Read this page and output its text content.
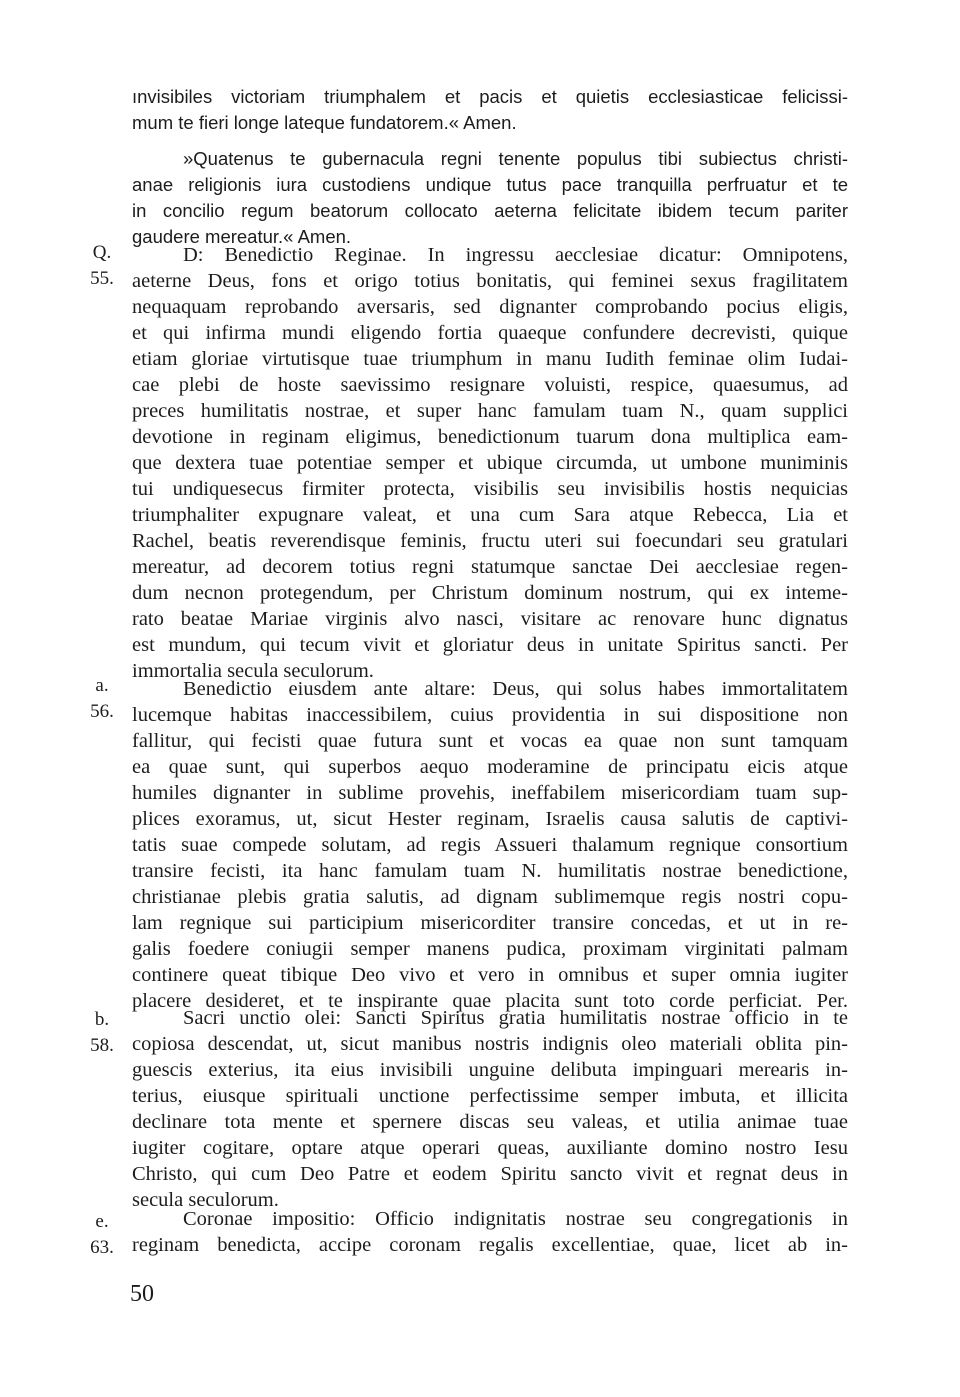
ınvisibiles victoriam triumphalem et pacis et quietis ecclesiasticae felicissi-

mum te fieri longe lateque fundatorem.« Amen.

»Quatenus te gubernacula regni tenente populus tibi subiectus christi-

anae religionis iura custodiens undique tutus pace tranquilla perfruatur et te

in concilio regum beatorum collocato aeterna felicitate ibidem tecum pariter

gaudere mereatur.« Amen.

Q.

55.

D: Benedictio Reginae. In ingressu aecclesiae dicatur: Omnipotens,

aeterne Deus, fons et origo totius bonitatis, qui feminei sexus fragilitatem

nequaquam reprobando aversaris, sed dignanter comprobando pocius eligis,

et qui infirma mundi eligendo fortia quaeque confundere decrevisti, quique

etiam gloriae virtutisque tuae triumphum in manu Iudith feminae olim Iudai-

cae plebi de hoste saevissimo resignare voluisti, respice, quaesumus, ad

preces humilitatis nostrae, et super hanc famulam tuam N., quam supplici

devotione in reginam eligimus, benedictionum tuarum dona multiplica eam-

que dextera tuae potentiae semper et ubique circumda, ut umbone muniminis

tui undiquesecus firmiter protecta, visibilis seu invisibilis hostis nequicias

triumphaliter expugnare valeat, et una cum Sara atque Rebecca, Lia et

Rachel, beatis reverendisque feminis, fructu uteri sui foecundari seu gratulari

mereatur, ad decorem totius regni statumque sanctae Dei aecclesiae regen-

dum necnon protegendum, per Christum dominum nostrum, qui ex inteme-

rato beatae Mariae virginis alvo nasci, visitare ac renovare hunc dignatus

est mundum, qui tecum vivit et gloriatur deus in unitate Spiritus sancti. Per

immortalia secula seculorum.

a.

56.

Benedictio eiusdem ante altare: Deus, qui solus habes immortalitatem

lucemque habitas inaccessibilem, cuius providentia in sui dispositione non

fallitur, qui fecisti quae futura sunt et vocas ea quae non sunt tamquam

ea quae sunt, qui superbos aequo moderamine de principatu eicis atque

humiles dignanter in sublime provehis, ineffabilem misericordiam tuam sup-

plices exoramus, ut, sicut Hester reginam, Israelis causa salutis de captivi-

tatis suae compede solutam, ad regis Assueri thalamum regnique consortium

transire fecisti, ita hanc famulam tuam N. humilitatis nostrae benedictione,

christianae plebis gratia salutis, ad dignam sublimemque regis nostri copu-

lam regnique sui participium misericorditer transire concedas, et ut in re-

galis foedere coniugii semper manens pudica, proximam virginitati palmam

continere queat tibique Deo vivo et vero in omnibus et super omnia iugiter

placere desideret, et te inspirante quae placita sunt toto corde perficiat. Per.

b.

58.

Sacri unctio olei: Sancti Spiritus gratia humilitatis nostrae officio in te

copiosa descendat, ut, sicut manibus nostris indignis oleo materiali oblita pin-

guescis exterius, ita eius invisibili unguine delibuta impinguari merearis in-

terius, eiusque spirituali unctione perfectissime semper imbuta, et illicita

declinare tota mente et spernere discas seu valeas, et utilia animae tuae

iugiter cogitare, optare atque operari queas, auxiliante domino nostro Iesu

Christo, qui cum Deo Patre et eodem Spiritu sancto vivit et regnat deus in

secula seculorum.

e.

63.

Coronae impositio: Officio indignitatis nostrae seu congregationis in

reginam benedicta, accipe coronam regalis excellentiae, quae, licet ab in-

50
